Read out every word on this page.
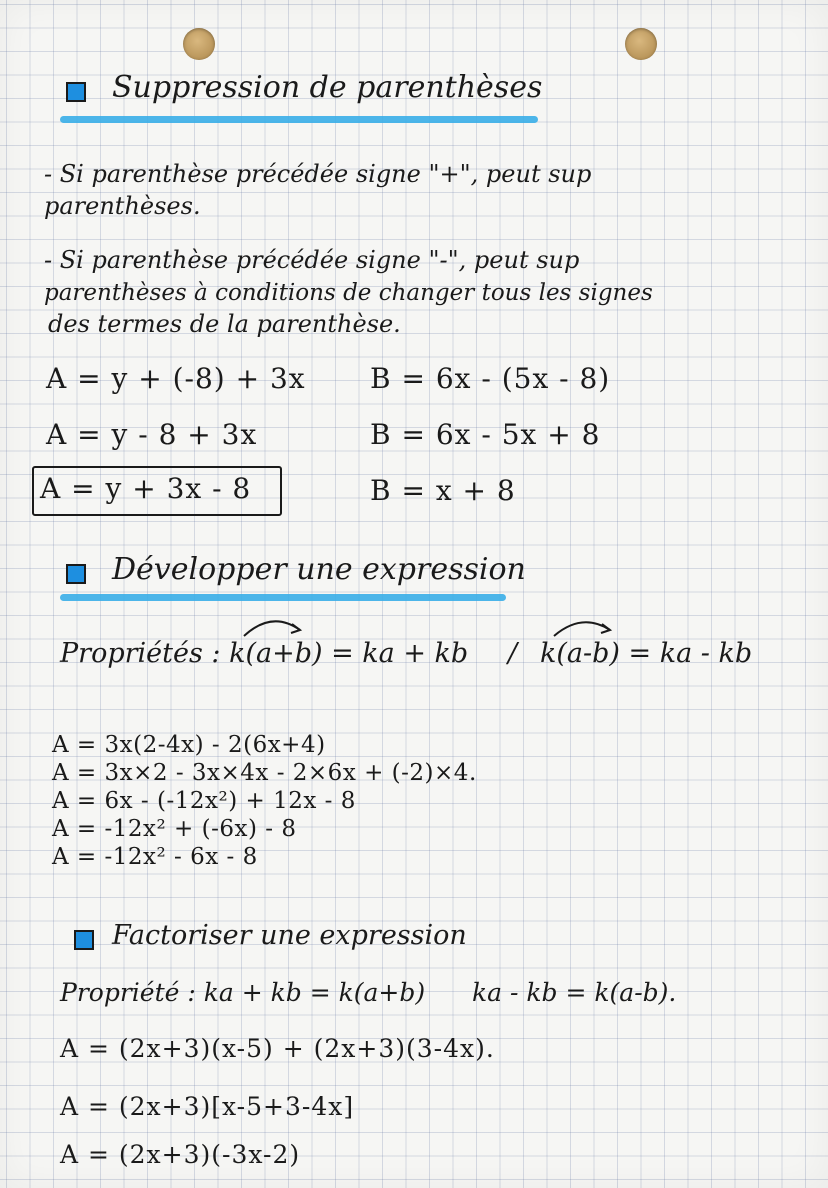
Suppression de parenthèses
- Si parenthèse précédée signe "+", peut sup
parenthèses.
- Si parenthèse précédée signe "-", peut sup
parenthèses à conditions de changer tous les signes
des termes de la parenthèse.
A = y + (-8) + 3x
A = y - 8 + 3x
A = y + 3x - 8
B = 6x - (5x - 8)
B = 6x - 5x + 8
B = x + 8
Développer une expression
Propriétés : k(a+b) = ka + kb / k(a-b) = ka - kb
A = 3x(2-4x) - 2(6x+4)
A = 3x×2 - 3x×4x - 2×6x + (-2)×4.
A = 6x - (-12x²) + 12x - 8
A = -12x² + (-6x) - 8
A = -12x² - 6x - 8
Factoriser une expression
Propriété : ka + kb = k(a+b) ka - kb = k(a-b).
A = (2x+3)(x-5) + (2x+3)(3-4x).
A = (2x+3)[x-5+3-4x]
A = (2x+3)(-3x-2)
